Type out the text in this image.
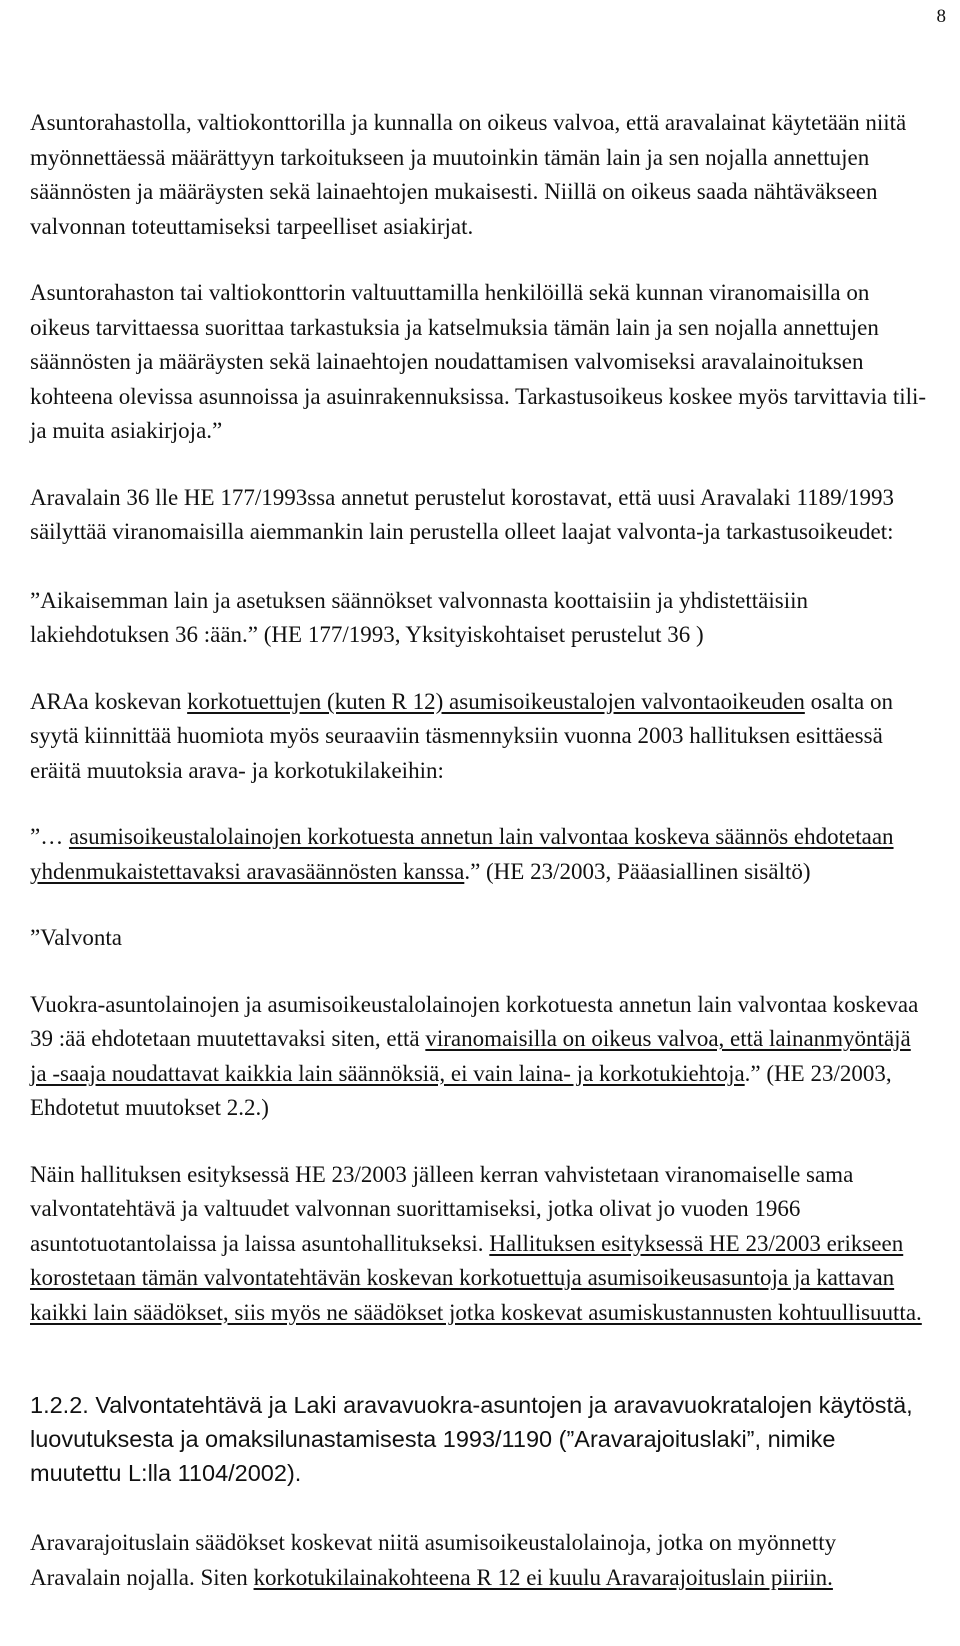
8

Asuntorahastolla, valtiokonttorilla ja kunnalla on oikeus valvoa, että aravalainat käytetään niitä myönnettäessä määrättyyn tarkoitukseen ja muutoinkin tämän lain ja sen nojalla annettujen säännösten ja määräysten sekä lainaehtojen mukaisesti. Niillä on oikeus saada nähtäväkseen valvonnan toteuttamiseksi tarpeelliset asiakirjat.

Asuntorahaston tai valtiokonttorin valtuuttamilla henkilöillä sekä kunnan viranomaisilla on oikeus tarvittaessa suorittaa tarkastuksia ja katselmuksia tämän lain ja sen nojalla annettujen säännösten ja määräysten sekä lainaehtojen noudattamisen valvomiseksi aravalainoituksen kohteena olevissa asunnoissa ja asuinrakennuksissa. Tarkastusoikeus koskee myös tarvittavia tili- ja muita asiakirjoja.”

Aravalain 36 lle HE 177/1993ssa annetut perustelut korostavat, että uusi Aravalaki 1189/1993 säilyttää viranomaisilla aiemmankin lain perustella olleet laajat valvonta-ja tarkastusoikeudet:

”Aikaisemman lain ja asetuksen säännökset valvonnasta koottaisiin ja yhdistettäisiin lakiehdotuksen 36 :ään.” (HE 177/1993, Yksityiskohtaiset perustelut 36 )

ARAa koskevan korkotuettujen (kuten R 12) asumisoikeustalojen valvontaoikeuden osalta on syytä kiinnittää huomiota myös seuraaviin täsmennyksiin vuonna 2003 hallituksen esittäessä eräitä muutoksia arava- ja korkotukilakeihin:

”… asumisoikeustalolainojen korkotuesta annetun lain valvontaa koskeva säännös ehdotetaan yhdenmukaistettavaksi aravasäännösten kanssa.” (HE 23/2003, Pääasiallinen sisältö)

”Valvonta

Vuokra-asuntolainojen ja asumisoikeustalolainojen korkotuesta annetun lain valvontaa koskevaa 39 :ää ehdotetaan muutettavaksi siten, että viranomaisilla on oikeus valvoa, että lainanmyöntäjä ja -saaja noudattavat kaikkia lain säännöksiä, ei vain laina- ja korkotukiehtoja.” (HE 23/2003, Ehdotetut muutokset 2.2.)

Näin hallituksen esityksessä HE 23/2003 jälleen kerran vahvistetaan viranomaiselle sama valvontatehtävä ja valtuudet valvonnan suorittamiseksi, jotka olivat jo vuoden 1966 asuntotuotantolaissa ja laissa asuntohallitukseksi. Hallituksen esityksessä HE 23/2003 erikseen korostetaan tämän valvontatehtävän koskevan korkotuettuja asumisoikeusasuntoja ja kattavan kaikki lain säädökset, siis myös ne säädökset jotka koskevat asumiskustannusten kohtuullisuutta.

1.2.2. Valvontatehtävä ja Laki aravavuokra-asuntojen ja aravavuokratalojen käytöstä, luovutuksesta ja omaksilunastamisesta 1993/1190 (”Aravarajoituslaki”, nimike muutettu L:lla 1104/2002).

Aravarajoituslain säädökset koskevat niitä asumisoikeustalolainoja, jotka on myönnetty Aravalain nojalla. Siten korkotukilainakohteena R 12 ei kuulu Aravarajoituslain piiriin.
